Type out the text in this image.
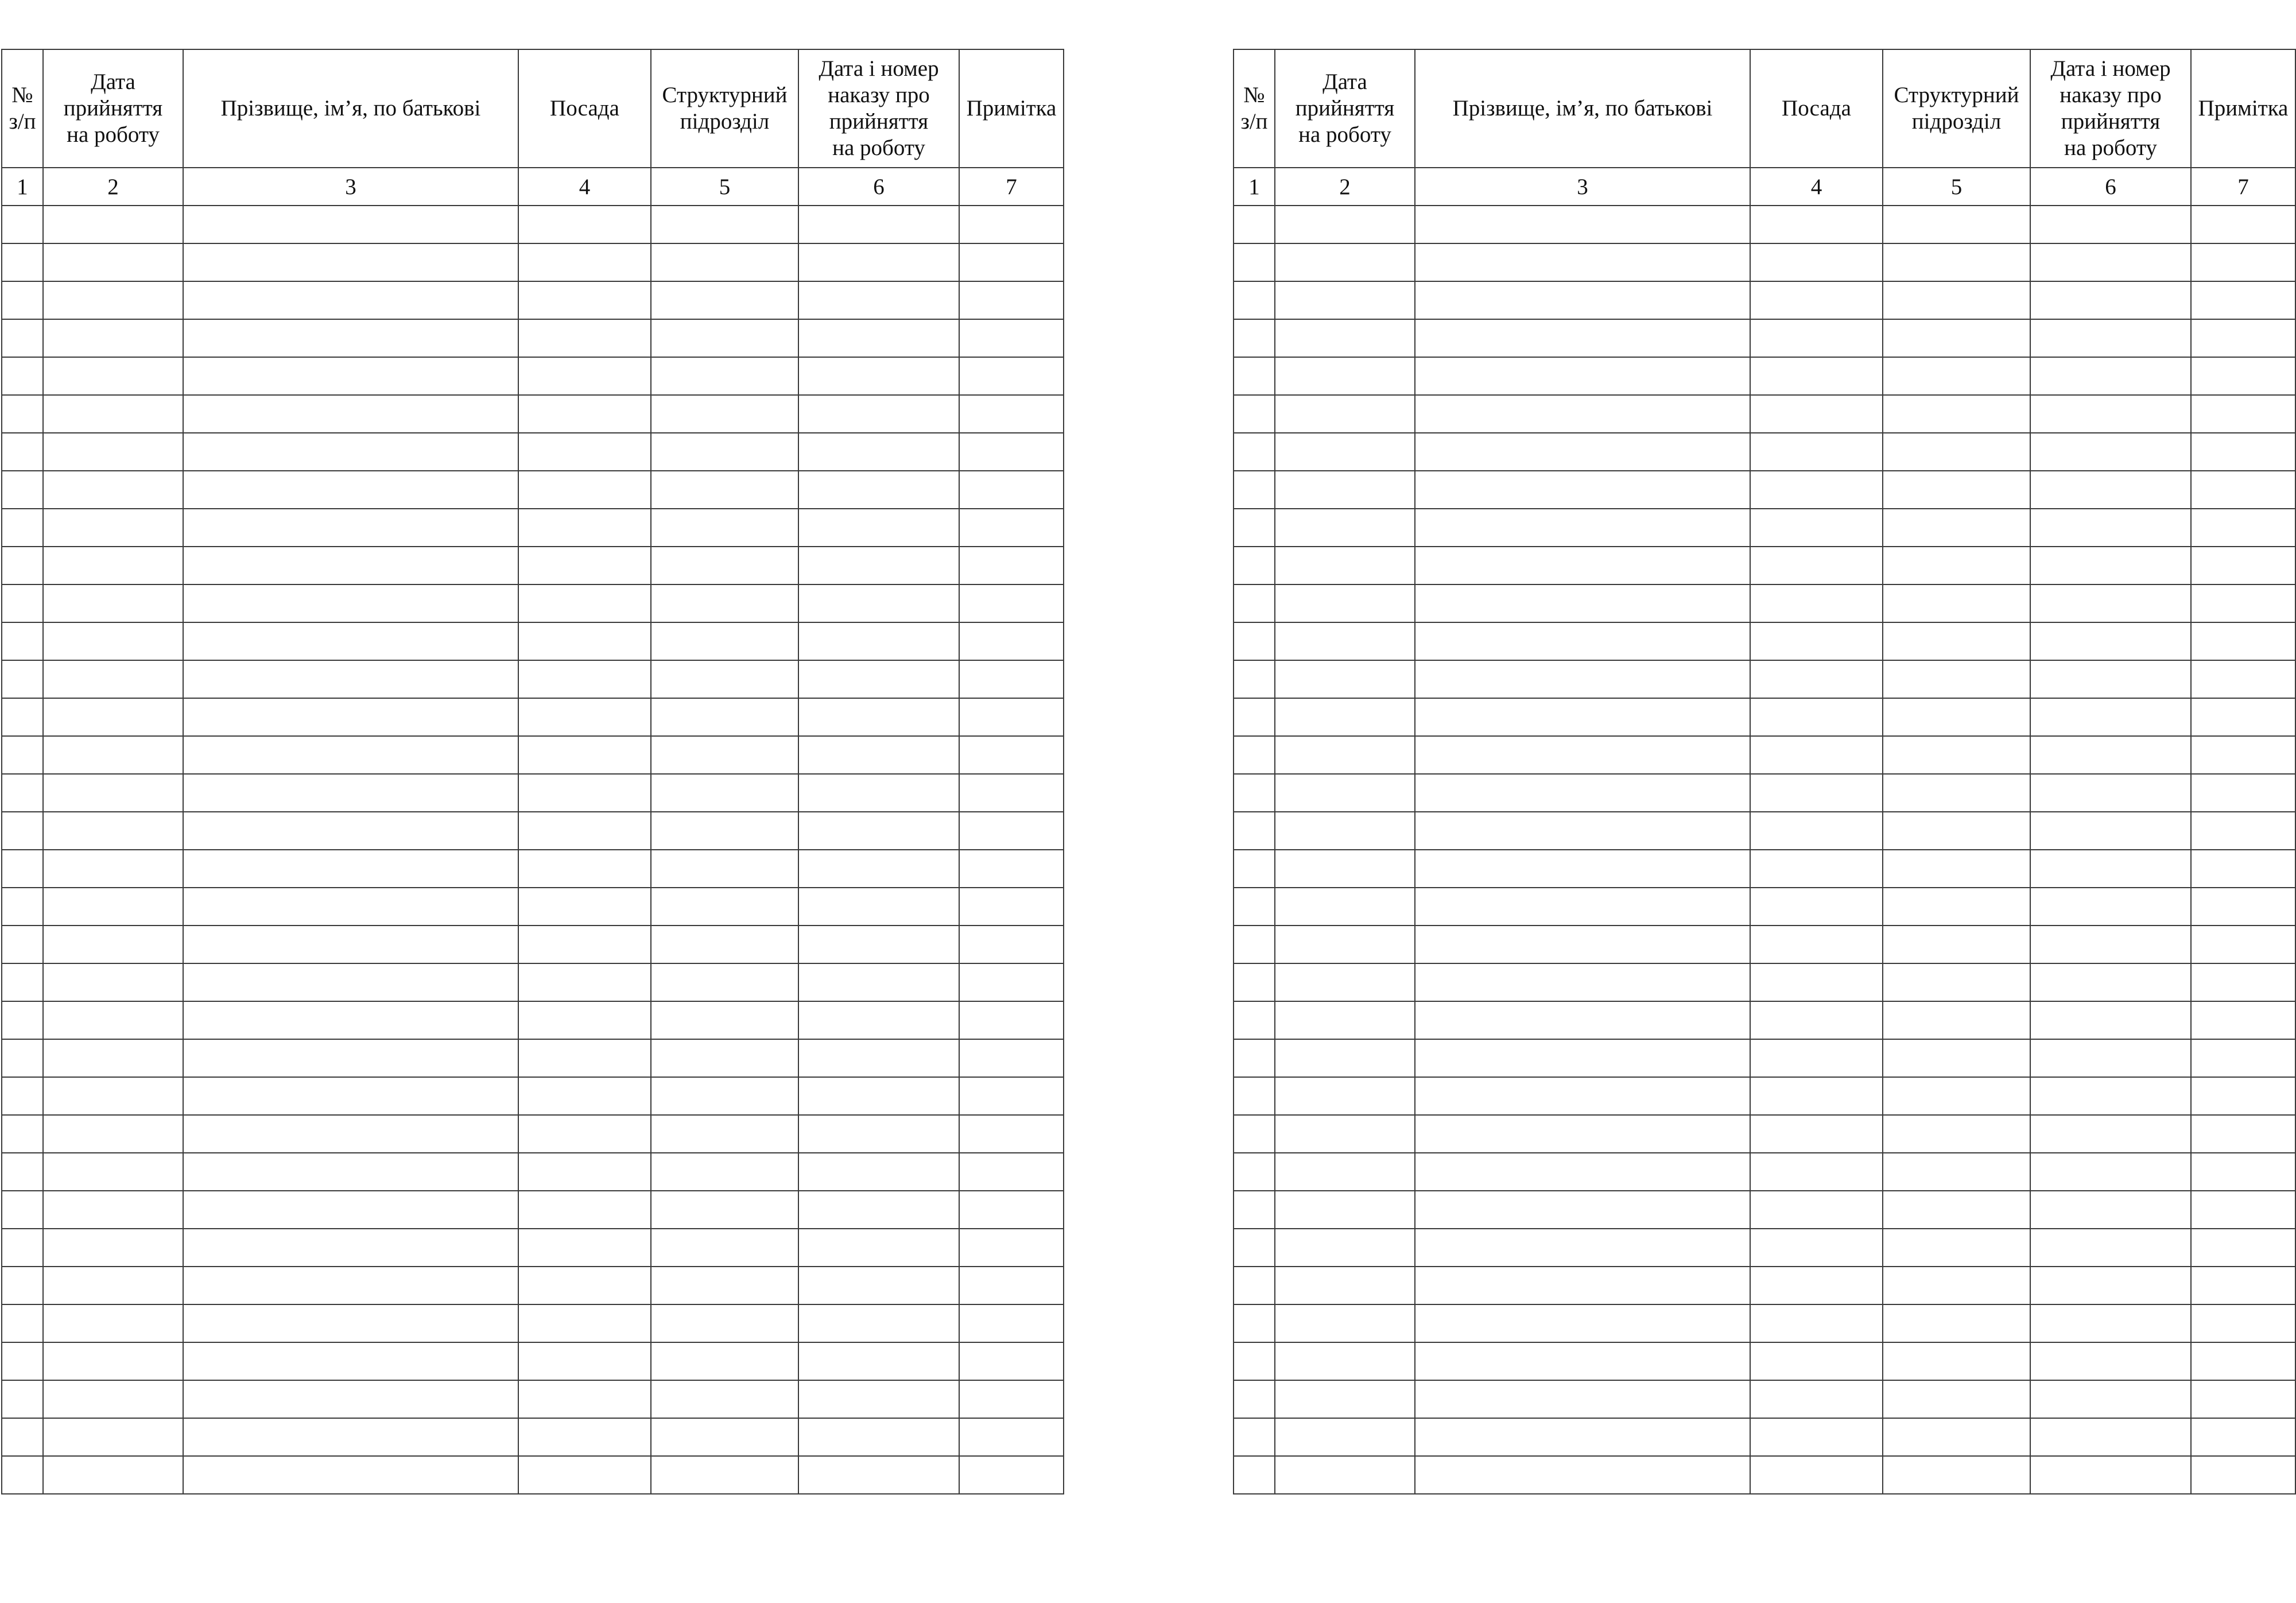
№
з/п	Дата
прийняття
на роботу	Прізвище, ім’я, по батькові	Посада	Структурний
підрозділ	Дата і номер
наказу про
прийняття
на роботу	Примітка
1	2	3	4	5	6	7

№
з/п	Дата
прийняття
на роботу	Прізвище, ім’я, по батькові	Посада	Структурний
підрозділ	Дата і номер
наказу про
прийняття
на роботу	Примітка
1	2	3	4	5	6	7
